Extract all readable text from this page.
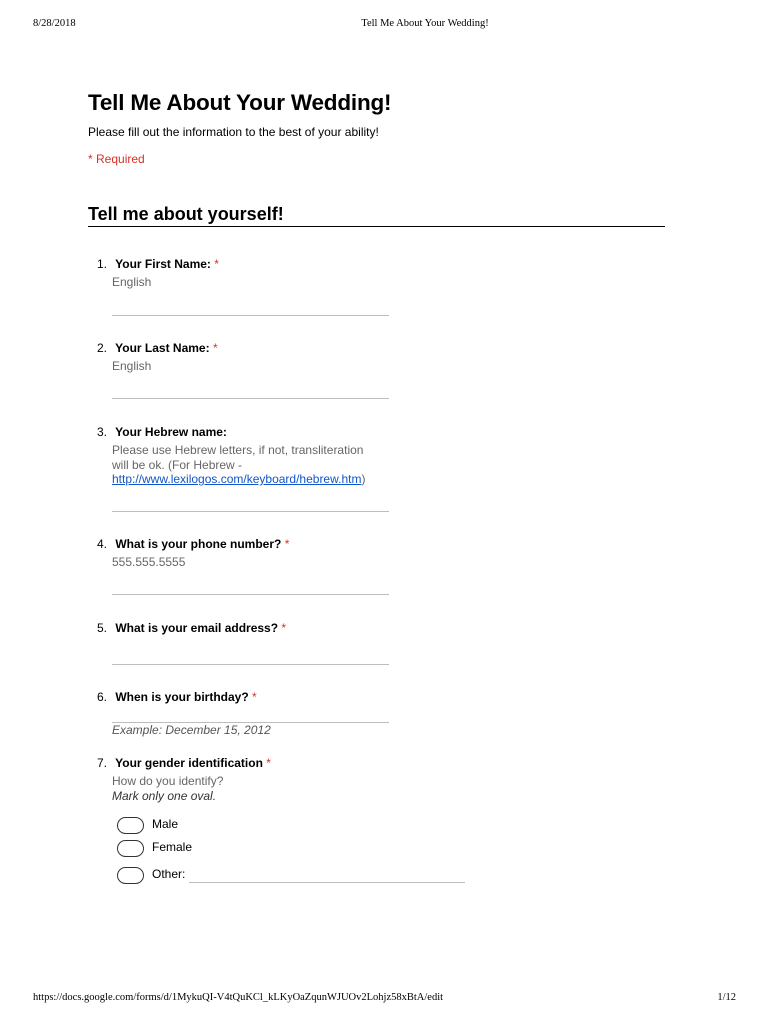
8/28/2018	Tell Me About Your Wedding!
Tell Me About Your Wedding!
Please fill out the information to the best of your ability!
* Required
Tell me about yourself!
1. Your First Name: *
English
2. Your Last Name: *
English
3. Your Hebrew name:
Please use Hebrew letters, if not, transliteration will be ok. (For Hebrew - http://www.lexilogos.com/keyboard/hebrew.htm)
4. What is your phone number? *
555.555.5555
5. What is your email address? *
6. When is your birthday? *
Example: December 15, 2012
7. Your gender identification *
How do you identify?
Mark only one oval.
Male
Female
Other:
https://docs.google.com/forms/d/1MykuQI-V4tQuKCl_kLKyOaZqunWJUOv2Lohjz58xBtA/edit	1/12
